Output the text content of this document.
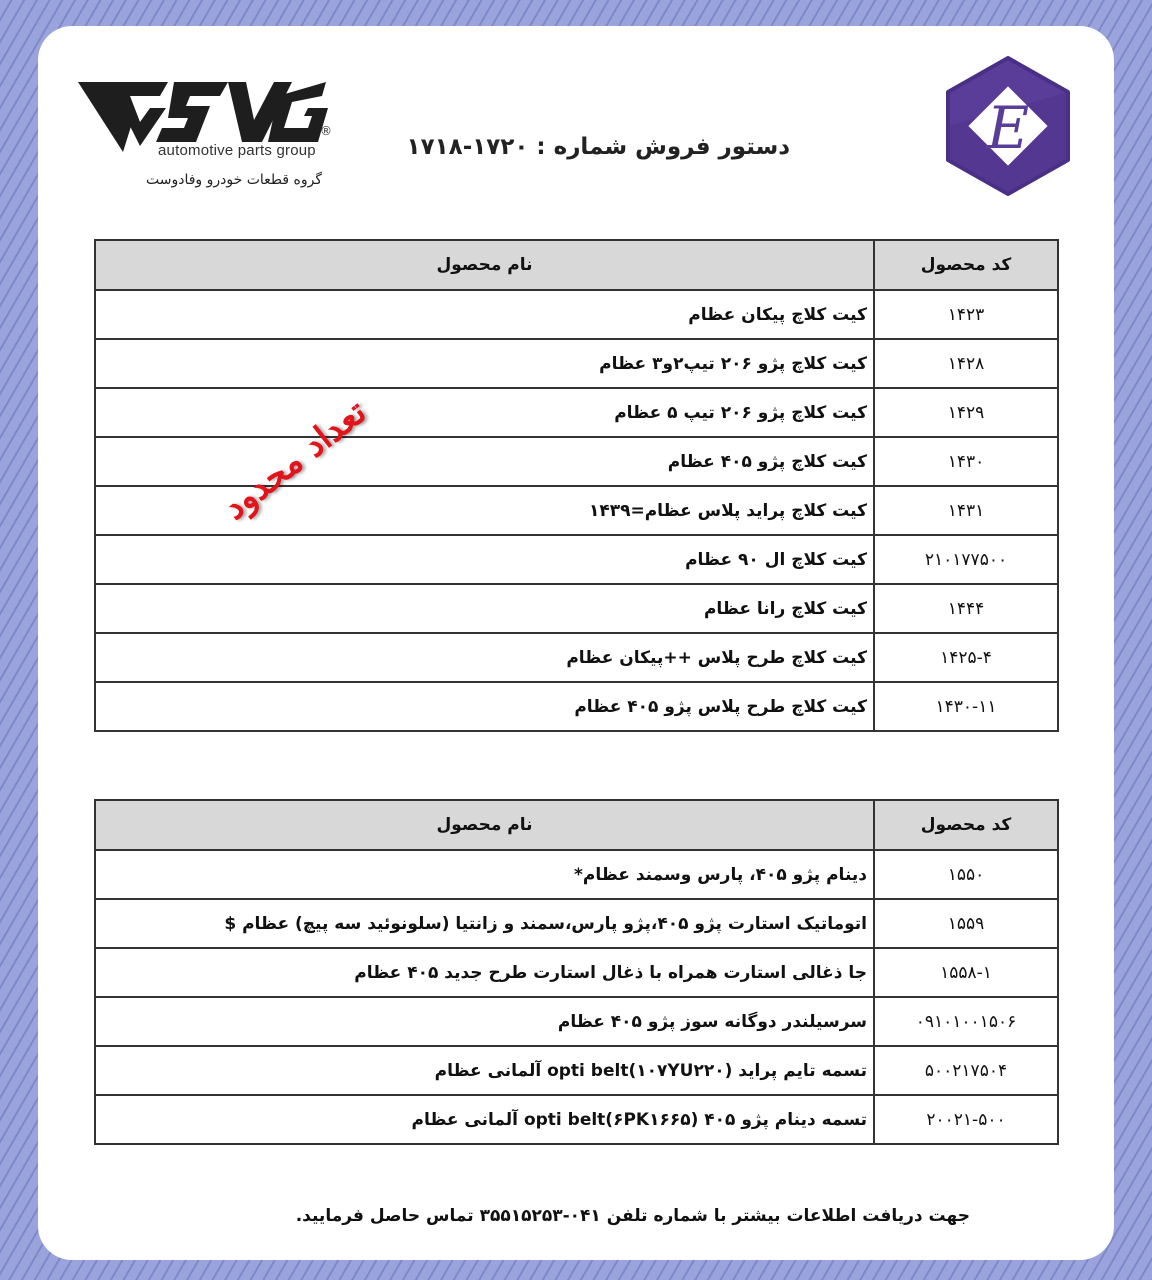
®
automotive parts group
گروه قطعات خودرو وفادوست
دستور فروش شماره : ۱۷۲۰-۱۷۱۸	E
کد محصول	نام محصول
۱۴۲۳	کیت کلاچ پیکان عظام
۱۴۲۸	کیت کلاچ پژو ۲۰۶ تیپ۲و۳ عظام
۱۴۲۹	کیت کلاچ پژو ۲۰۶ تیپ ۵ عظام
۱۴۳۰	کیت کلاچ پژو ۴۰۵ عظام
۱۴۳۱	کیت کلاچ پراید پلاس عظام=۱۴۳۹
۲۱۰۱۷۷۵۰۰	کیت کلاچ ال ۹۰ عظام
۱۴۴۴	کیت کلاچ رانا عظام
۱۴۲۵-۴	کیت کلاچ طرح پلاس ++پیکان عظام
۱۴۳۰-۱۱	کیت کلاچ طرح پلاس پژو ۴۰۵ عظام
تعداد محدود
کد محصول	نام محصول
۱۵۵۰	دینام پژو ۴۰۵، پارس وسمند عظام*
۱۵۵۹	اتوماتیک استارت پژو ۴۰۵،پژو پارس،سمند و زانتیا (سلونوئید سه پیچ) عظام $
۱۵۵۸-۱	جا ذغالی استارت همراه با ذغال استارت طرح جدید ۴۰۵ عظام
۰۹۱۰۱۰۰۱۵۰۶	سرسیلندر دوگانه سوز پژو ۴۰۵ عظام
۵۰۰۲۱۷۵۰۴	تسمه تایم پراید (۱۰۷YU۲۲۰)opti belt آلمانی عظام
۲۰۰۲۱-۵۰۰	تسمه دینام پژو ۴۰۵ opti belt(۶PK۱۶۶۵) آلمانی عظام
جهت دریافت اطلاعات بیشتر با شماره تلفن ۰۴۱-۳۵۵۱۵۲۵۳ تماس حاصل فرمایید.
